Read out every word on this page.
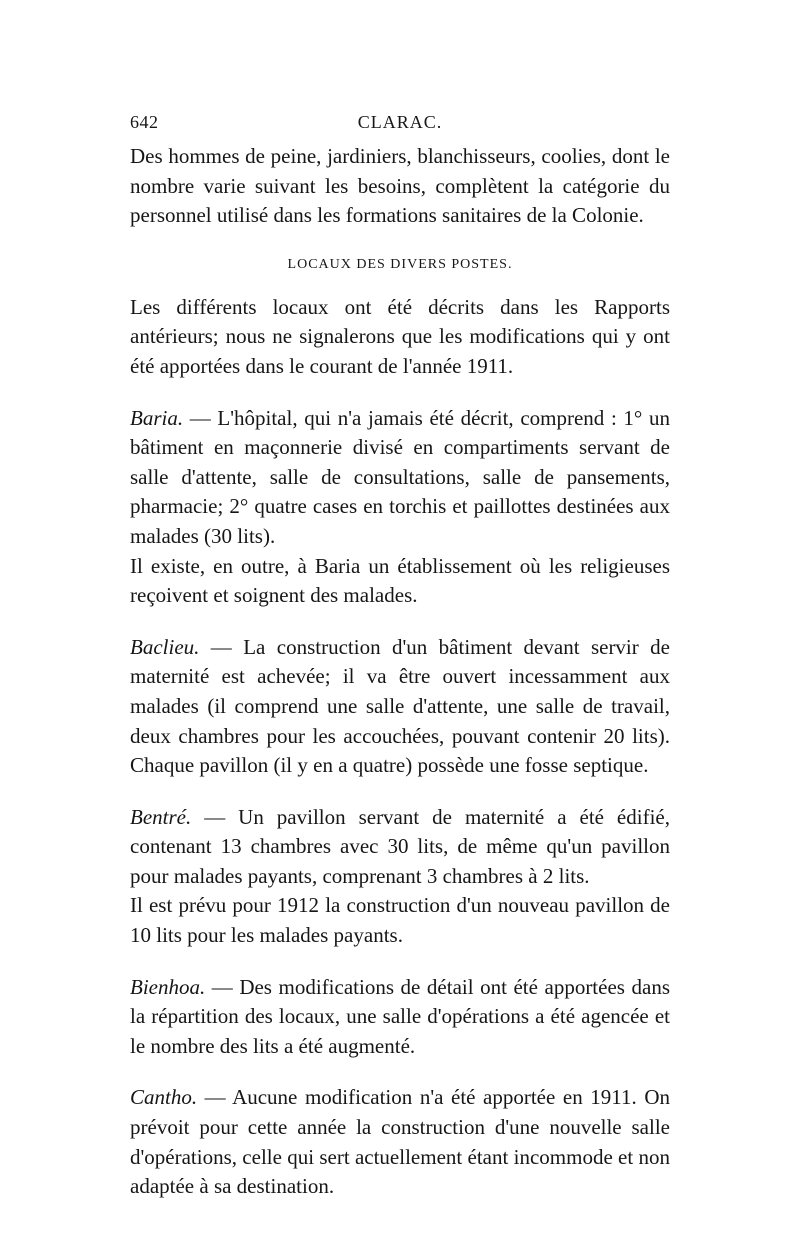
642	CLARAC.

Des hommes de peine, jardiniers, blanchisseurs, coolies, dont le nombre varie suivant les besoins, complètent la catégorie du personnel utilisé dans les formations sanitaires de la Colonie.

LOCAUX DES DIVERS POSTES.

Les différents locaux ont été décrits dans les Rapports antérieurs; nous ne signalerons que les modifications qui y ont été apportées dans le courant de l'année 1911.

Baria. — L'hôpital, qui n'a jamais été décrit, comprend : 1° un bâtiment en maçonnerie divisé en compartiments servant de salle d'attente, salle de consultations, salle de pansements, pharmacie; 2° quatre cases en torchis et paillottes destinées aux malades (30 lits).

Il existe, en outre, à Baria un établissement où les religieuses reçoivent et soignent des malades.

Baclieu. — La construction d'un bâtiment devant servir de maternité est achevée; il va être ouvert incessamment aux malades (il comprend une salle d'attente, une salle de travail, deux chambres pour les accouchées, pouvant contenir 20 lits). Chaque pavillon (il y en a quatre) possède une fosse septique.

Bentré. — Un pavillon servant de maternité a été édifié, contenant 13 chambres avec 30 lits, de même qu'un pavillon pour malades payants, comprenant 3 chambres à 2 lits.

Il est prévu pour 1912 la construction d'un nouveau pavillon de 10 lits pour les malades payants.

Bienhoa. — Des modifications de détail ont été apportées dans la répartition des locaux, une salle d'opérations a été agencée et le nombre des lits a été augmenté.

Cantho. — Aucune modification n'a été apportée en 1911. On prévoit pour cette année la construction d'une nouvelle salle d'opérations, celle qui sert actuellement étant incommode et non adaptée à sa destination.
